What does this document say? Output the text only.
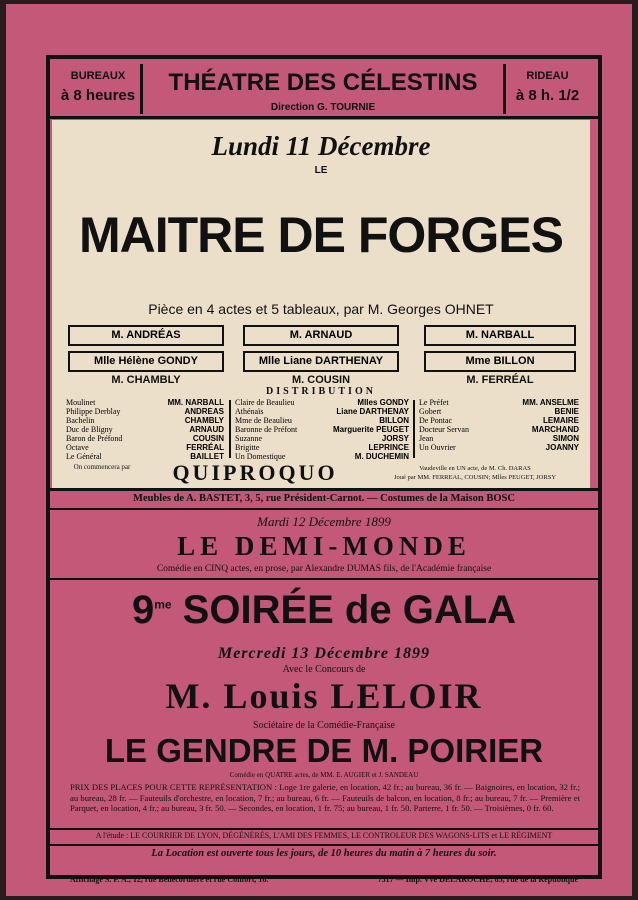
BUREAUX
à 8 heures	THÉATRE DES CÉLESTINS
Direction G. TOURNIE
RIDEAU
à 8 h. 1/2
Lundi 11 Décembre
LE
MAITRE DE FORGES
Pièce en 4 actes et 5 tableaux, par M. Georges OHNET
M. ANDRÉAS	M. ARNAUD	M. NARBALL
Mlle Hélène GONDY	Mlle Liane DARTHENAY	Mme BILLON
M. CHAMBLY	M. COUSIN	M. FERRÉAL
DISTRIBUTION
Moulinet	MM. NARBALL
Philippe Derblay	ANDREAS
Bachelin	CHAMBLY
Duc de Bligny	ARNAUD
Baron de Préfond	COUSIN
Octave	FERRÉAL
Le Général	BAILLET
Claire de Beaulieu	Mlles GONDY
Athénaïs	Liane DARTHENAY
Mme de Beaulieu	BILLON
Baronne de Préfont	Marguerite PEUGET
Suzanne	JORSY
Brigitte	LEPRINCE
Un Domestique	M. DUCHEMIN
Le Préfet	MM. ANSELME
Gobert	BENIE
De Pontac	LEMAIRE
Docteur Servan	MARCHAND
Jean	SIMON
Un Ouvrier	JOANNY
On commencera par	QUIPROQUO	Vaudeville en UN acte, de M. Ch. DARAS
Joué par MM. FERREAL, COUSIN; Mlles PEUGET, JORSY
Meubles de A. BASTET, 3, 5, rue Président-Carnot. — Costumes de la Maison BOSC
Mardi 12 Décembre 1899
LE DEMI-MONDE
Comédie en CINQ actes, en prose, par Alexandre DUMAS fils, de l'Académie française
$9^{me}$ SOIRÉE de GALA
Mercredi 13 Décembre 1899
Avec le Concours de
M. Louis LELOIR
Sociétaire de la Comédie-Française
LE GENDRE DE M. POIRIER
Comédie en QUATRE actes, de MM. E. AUGIER et J. SANDEAU
PRIX DES PLACES POUR CETTE REPRÉSENTATION : Loge 1re galerie, en location, 42 fr.; au bureau, 36 fr. — Baignoires, en location, 32 fr.; au bureau, 28 fr. — Fauteuils d'orchestre, en location, 7 fr.; au bureau, 6 fr. — Fauteuils de balcon, en location, 8 fr.; au bureau, 7 fr. — Première et Parquet, en location, 4 fr.; au bureau, 3 fr. 50. — Secondes, en location, 1 fr. 75; au bureau, 1 fr. 50. Parterre, 1 fr. 50. — Troisièmes, 0 fr. 60.
A l'étude : LE COURRIER DE LYON, DÉGÉNÉRÉS, L'AMI DES FEMMES, LE CONTROLEUR DES WAGONS-LITS et LE RÉGIMENT
La Location est ouverte tous les jours, de 10 heures du matin à 7 heures du soir.
Affichage S. P. A., 12, rue Bellecordière et rue Confort, 16.	7517 — Imp. Vve DELAROCHE, 85, rue de la République
